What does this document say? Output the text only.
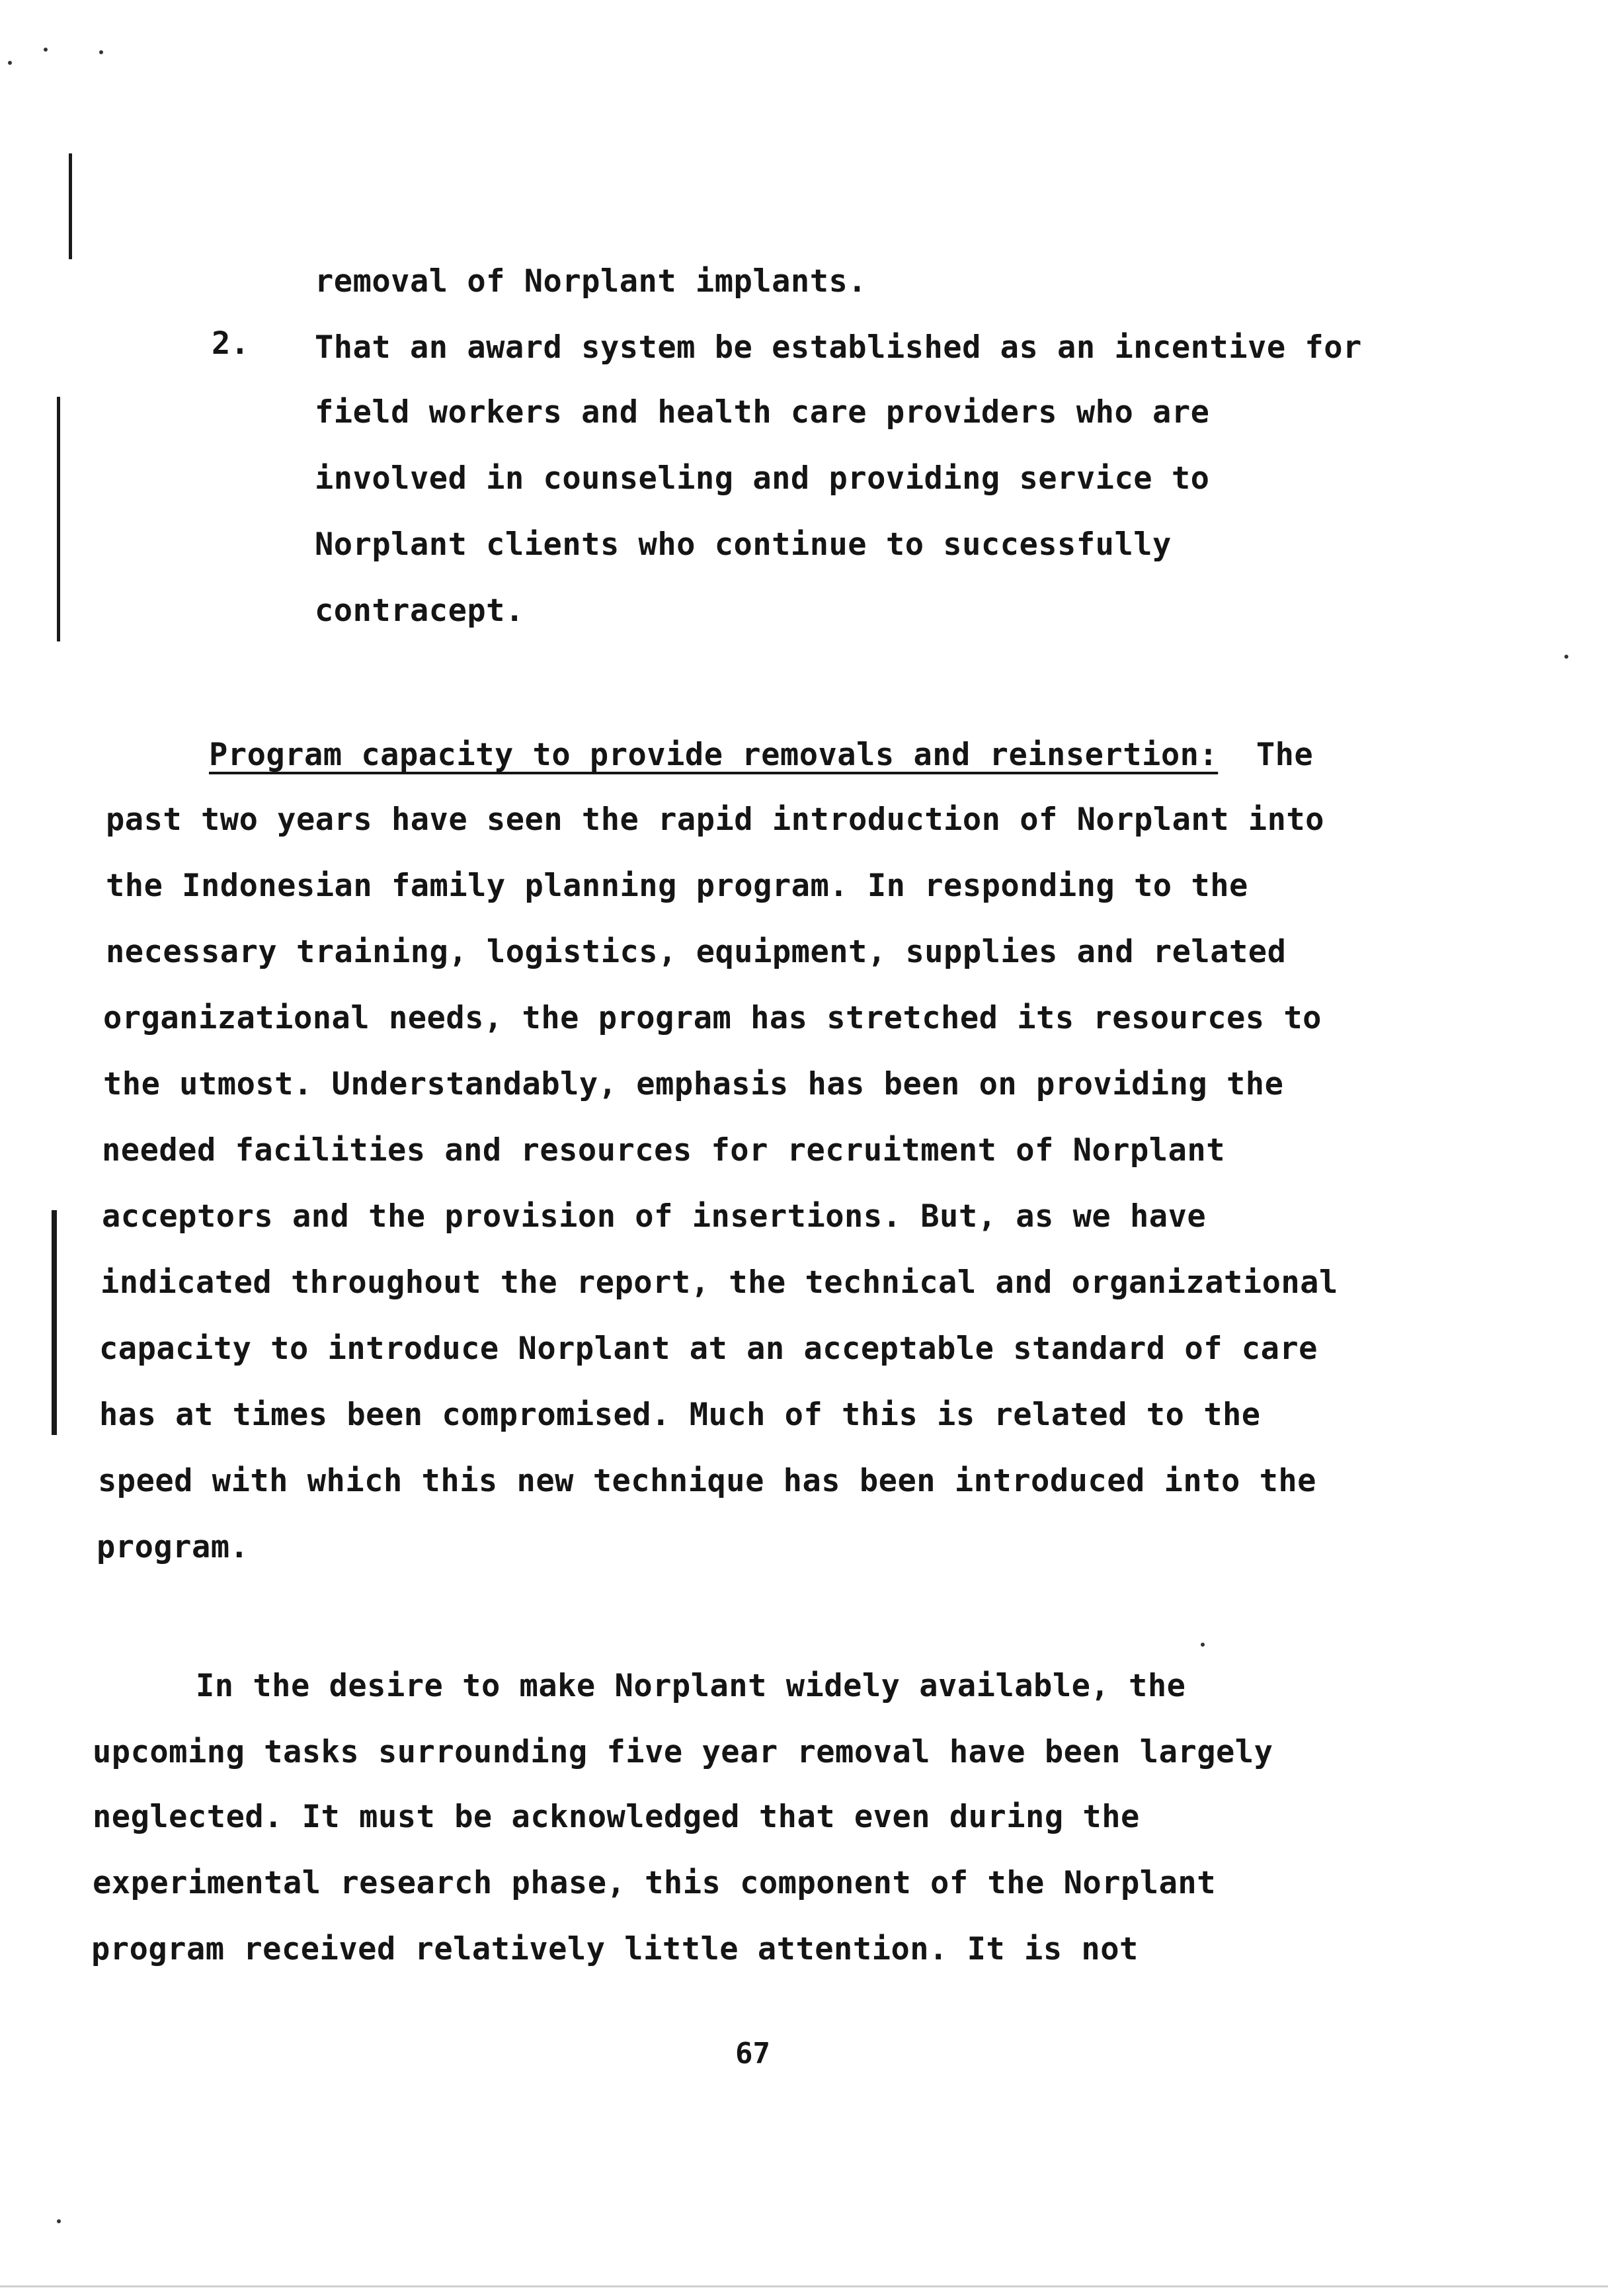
removal of Norplant implants.
2. That an award system be established as an incentive for
field workers and health care providers who are
involved in counseling and providing service to
Norplant clients who continue to successfully
contracept.
Program capacity to provide removals and reinsertion: The
past two years have seen the rapid introduction of Norplant into
the Indonesian family planning program. In responding to the
necessary training, logistics, equipment, supplies and related
organizational needs, the program has stretched its resources to
the utmost. Understandably, emphasis has been on providing the
needed facilities and resources for recruitment of Norplant
acceptors and the provision of insertions. But, as we have
indicated throughout the report, the technical and organizational
capacity to introduce Norplant at an acceptable standard of care
has at times been compromised. Much of this is related to the
speed with which this new technique has been introduced into the
program.
In the desire to make Norplant widely available, the
upcoming tasks surrounding five year removal have been largely
neglected. It must be acknowledged that even during the
experimental research phase, this component of the Norplant
program received relatively little attention. It is not
67
